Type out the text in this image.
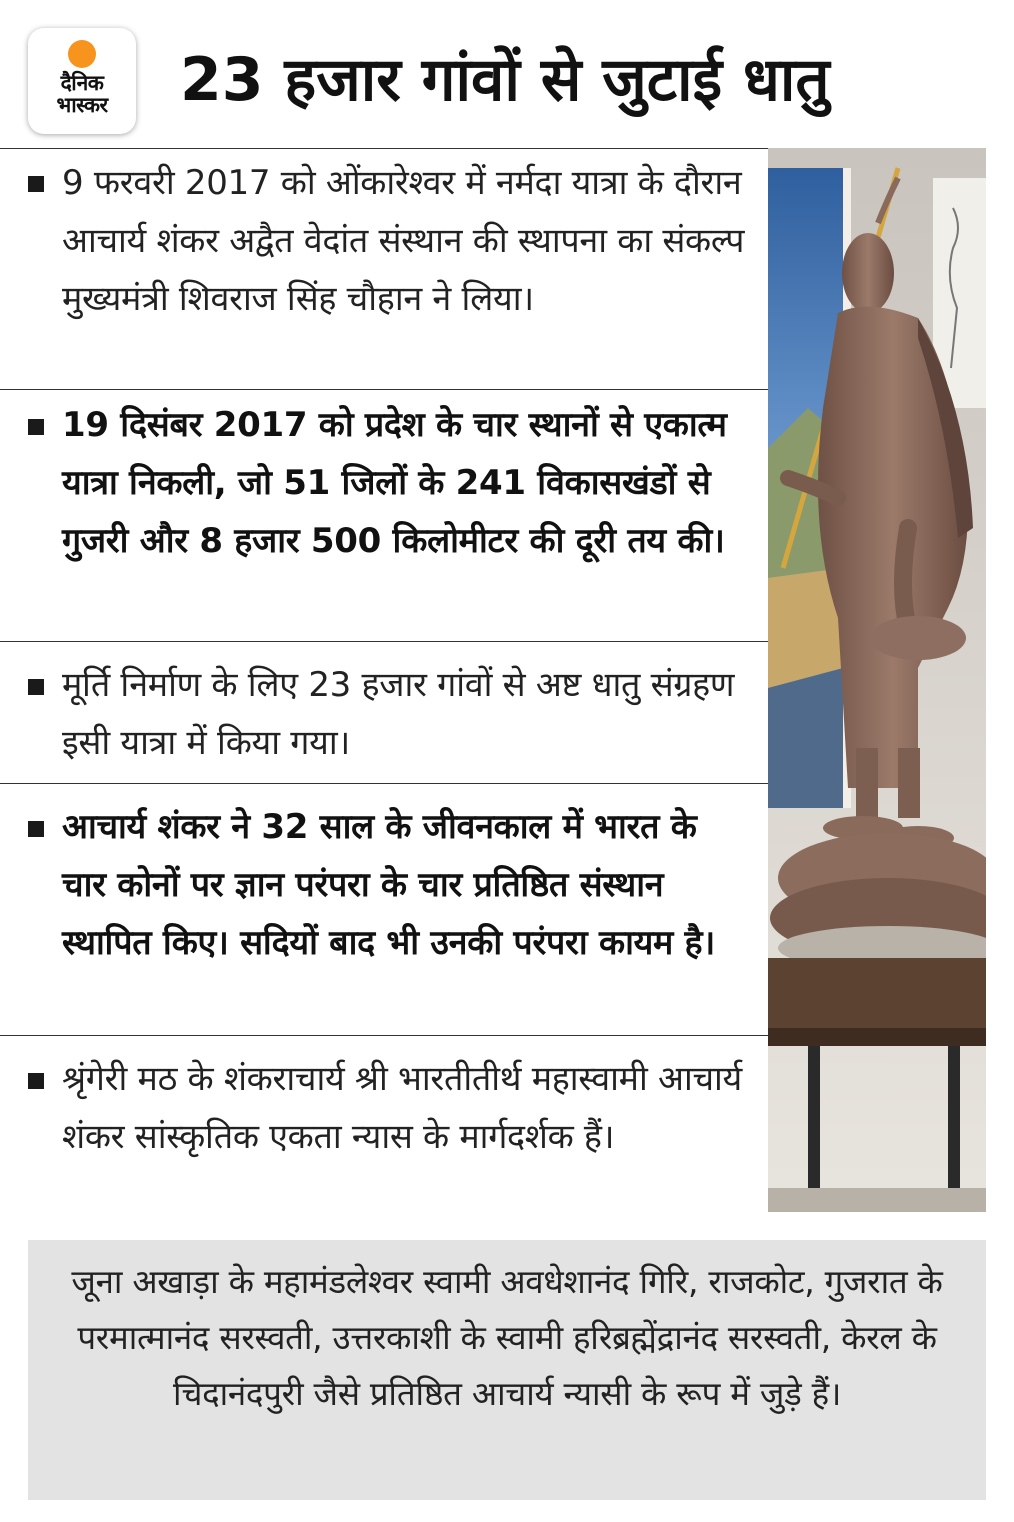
दैनिक
भास्कर 23 हजार गांवों से जुटाई धातु
9 फरवरी 2017 को ओंकारेश्वर में नर्मदा यात्रा के दौरान आचार्य शंकर अद्वैत वेदांत संस्थान की स्थापना का संकल्प मुख्यमंत्री शिवराज सिंह चौहान ने लिया।
19 दिसंबर 2017 को प्रदेश के चार स्थानों से एकात्म यात्रा निकली, जो 51 जिलों के 241 विकासखंडों से गुजरी और 8 हजार 500 किलोमीटर की दूरी तय की।
मूर्ति निर्माण के लिए 23 हजार गांवों से अष्ट धातु संग्रहण इसी यात्रा में किया गया।
आचार्य शंकर ने 32 साल के जीवनकाल में भारत के चार कोनों पर ज्ञान परंपरा के चार प्रतिष्ठित संस्थान स्थापित किए। सदियों बाद भी उनकी परंपरा कायम है।
श्रृंगेरी मठ के शंकराचार्य श्री भारतीतीर्थ महास्वामी आचार्य शंकर सांस्कृतिक एकता न्यास के मार्गदर्शक हैं।
जूना अखाड़ा के महामंडलेश्वर स्वामी अवधेशानंद गिरि, राजकोट, गुजरात के परमात्मानंद सरस्वती, उत्तरकाशी के स्वामी हरिब्रह्मेंद्रानंद सरस्वती, केरल के चिदानंदपुरी जैसे प्रतिष्ठित आचार्य न्यासी के रूप में जुड़े हैं।
